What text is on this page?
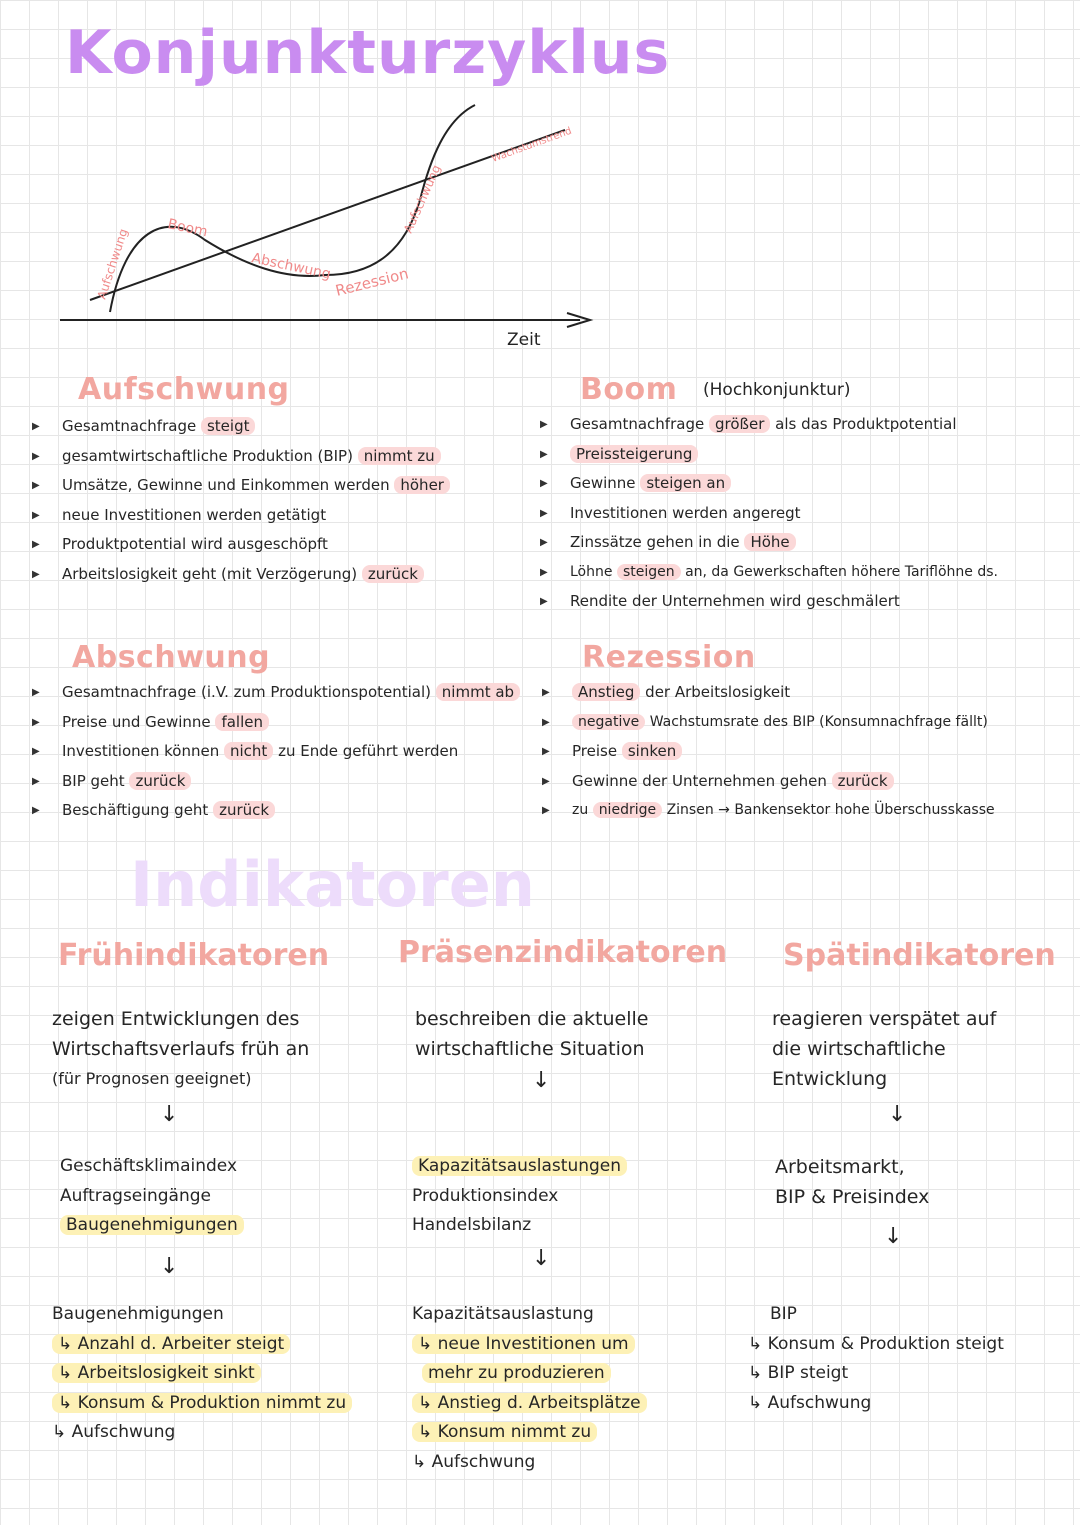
Konjunkturzyklus
Wachstumstrend
Aufschwung	Boom
Abschwung Rezession
Aufschwung
Zeit
Aufschwung
▶ Gesamtnachfrage steigt
▶ gesamtwirtschaftliche Produktion (BIP) nimmt zu
▶ Umsätze, Gewinne und Einkommen werden höher
▶ neue Investitionen werden getätigt
▶ Produktpotential wird ausgeschöpft
▶ Arbeitslosigkeit geht (mit Verzögerung) zurück
Boom (Hochkonjunktur)
▶ Gesamtnachfrage größer als das Produktpotential
▶ Preissteigerung
▶ Gewinne steigen an
▶ Investitionen werden angeregt
▶ Zinssätze gehen in die Höhe
▶ Löhne steigen an, da Gewerkschaften höhere Tariflöhne ds.
▶ Rendite der Unternehmen wird geschmälert
Abschwung
▶ Gesamtnachfrage (i.V. zum Produktionspotential) nimmt ab
▶ Preise und Gewinne fallen
▶ Investitionen können nicht zu Ende geführt werden
▶ BIP geht zurück
▶ Beschäftigung geht zurück
Rezession
▶ Anstieg der Arbeitslosigkeit
▶ negative Wachstumsrate des BIP (Konsumnachfrage fällt)
▶ Preise sinken
▶ Gewinne der Unternehmen gehen zurück
▶ zu niedrige Zinsen → Bankensektor hohe Überschusskasse
Indikatoren
Frühindikatoren
zeigen Entwicklungen des
Wirtschaftsverlaufs früh an
(für Prognosen geeignet)
↓
Geschäftsklimaindex
Auftragseingänge
Baugenehmigungen
↓
Baugenehmigungen
↳ Anzahl d. Arbeiter steigt
↳ Arbeitslosigkeit sinkt
↳ Konsum & Produktion nimmt zu
↳ Aufschwung
Präsenzindikatoren
beschreiben die aktuelle
wirtschaftliche Situation
↓
Kapazitätsauslastungen
Produktionsindex
Handelsbilanz
↓
Kapazitätsauslastung
↳ neue Investitionen um
mehr zu produzieren
↳ Anstieg d. Arbeitsplätze
↳ Konsum nimmt zu
↳ Aufschwung
Spätindikatoren
reagieren verspätet auf
die wirtschaftliche
Entwicklung
↓
Arbeitsmarkt,
BIP & Preisindex
↓
BIP
↳ Konsum & Produktion steigt
↳ BIP steigt
↳ Aufschwung
